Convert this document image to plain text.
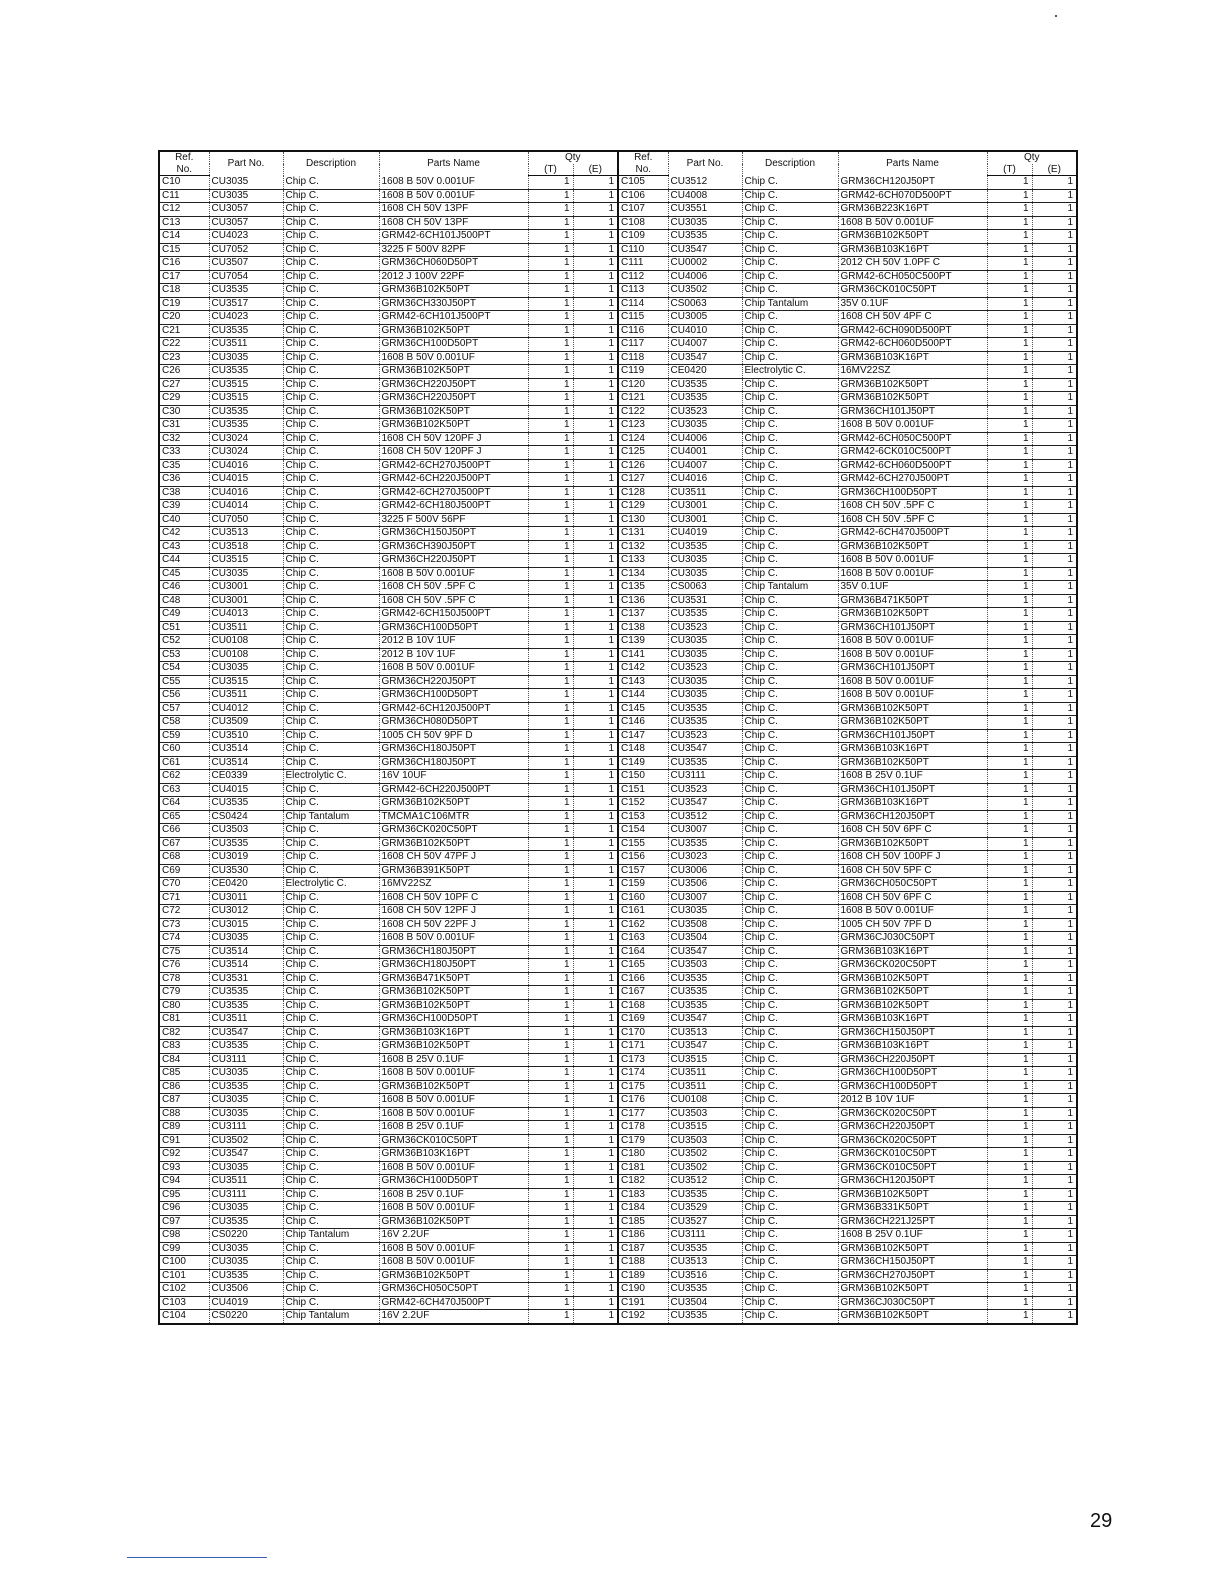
Ref.	Part No.	Description	Parts Name	Qty	
No.				(T)	(E)
C10	CU3035	Chip C.	1608 B 50V 0.001UF	1	1
C11	CU3035	Chip C.	1608 B 50V 0.001UF	1	1
C12	CU3057	Chip C.	1608 CH 50V 13PF	1	1
C13	CU3057	Chip C.	1608 CH 50V 13PF	1	1
C14	CU4023	Chip C.	GRM42-6CH101J500PT	1	1
C15	CU7052	Chip C.	3225 F 500V 82PF	1	1
C16	CU3507	Chip C.	GRM36CH060D50PT	1	1
C17	CU7054	Chip C.	2012 J 100V 22PF	1	1
C18	CU3535	Chip C.	GRM36B102K50PT	1	1
C19	CU3517	Chip C.	GRM36CH330J50PT	1	1
C20	CU4023	Chip C.	GRM42-6CH101J500PT	1	1
C21	CU3535	Chip C.	GRM36B102K50PT	1	1
C22	CU3511	Chip C.	GRM36CH100D50PT	1	1
C23	CU3035	Chip C.	1608 B 50V 0.001UF	1	1
C26	CU3535	Chip C.	GRM36B102K50PT	1	1
C27	CU3515	Chip C.	GRM36CH220J50PT	1	1
C29	CU3515	Chip C.	GRM36CH220J50PT	1	1
C30	CU3535	Chip C.	GRM36B102K50PT	1	1
C31	CU3535	Chip C.	GRM36B102K50PT	1	1
C32	CU3024	Chip C.	1608 CH 50V 120PF J	1	1
C33	CU3024	Chip C.	1608 CH 50V 120PF J	1	1
C35	CU4016	Chip C.	GRM42-6CH270J500PT	1	1
C36	CU4015	Chip C.	GRM42-6CH220J500PT	1	1
C38	CU4016	Chip C.	GRM42-6CH270J500PT	1	1
C39	CU4014	Chip C.	GRM42-6CH180J500PT	1	1
C40	CU7050	Chip C.	3225 F 500V 56PF	1	1
C42	CU3513	Chip C.	GRM36CH150J50PT	1	1
C43	CU3518	Chip C.	GRM36CH390J50PT	1	1
C44	CU3515	Chip C.	GRM36CH220J50PT	1	1
C45	CU3035	Chip C.	1608 B 50V 0.001UF	1	1
C46	CU3001	Chip C.	1608 CH 50V .5PF C	1	1
C48	CU3001	Chip C.	1608 CH 50V .5PF C	1	1
C49	CU4013	Chip C.	GRM42-6CH150J500PT	1	1
C51	CU3511	Chip C.	GRM36CH100D50PT	1	1
C52	CU0108	Chip C.	2012 B 10V 1UF	1	1
C53	CU0108	Chip C.	2012 B 10V 1UF	1	1
C54	CU3035	Chip C.	1608 B 50V 0.001UF	1	1
C55	CU3515	Chip C.	GRM36CH220J50PT	1	1
C56	CU3511	Chip C.	GRM36CH100D50PT	1	1
C57	CU4012	Chip C.	GRM42-6CH120J500PT	1	1
C58	CU3509	Chip C.	GRM36CH080D50PT	1	1
C59	CU3510	Chip C.	1005 CH 50V 9PF D	1	1
C60	CU3514	Chip C.	GRM36CH180J50PT	1	1
C61	CU3514	Chip C.	GRM36CH180J50PT	1	1
C62	CE0339	Electrolytic C.	16V 10UF	1	1
C63	CU4015	Chip C.	GRM42-6CH220J500PT	1	1
C64	CU3535	Chip C.	GRM36B102K50PT	1	1
C65	CS0424	Chip Tantalum	TMCMA1C106MTR	1	1
C66	CU3503	Chip C.	GRM36CK020C50PT	1	1
C67	CU3535	Chip C.	GRM36B102K50PT	1	1
C68	CU3019	Chip C.	1608 CH 50V 47PF J	1	1
C69	CU3530	Chip C.	GRM36B391K50PT	1	1
C70	CE0420	Electrolytic C.	16MV22SZ	1	1
C71	CU3011	Chip C.	1608 CH 50V 10PF C	1	1
C72	CU3012	Chip C.	1608 CH 50V 12PF J	1	1
C73	CU3015	Chip C.	1608 CH 50V 22PF J	1	1
C74	CU3035	Chip C.	1608 B 50V 0.001UF	1	1
C75	CU3514	Chip C.	GRM36CH180J50PT	1	1
C76	CU3514	Chip C.	GRM36CH180J50PT	1	1
C78	CU3531	Chip C.	GRM36B471K50PT	1	1
C79	CU3535	Chip C.	GRM36B102K50PT	1	1
C80	CU3535	Chip C.	GRM36B102K50PT	1	1
C81	CU3511	Chip C.	GRM36CH100D50PT	1	1
C82	CU3547	Chip C.	GRM36B103K16PT	1	1
C83	CU3535	Chip C.	GRM36B102K50PT	1	1
C84	CU3111	Chip C.	1608 B 25V 0.1UF	1	1
C85	CU3035	Chip C.	1608 B 50V 0.001UF	1	1
C86	CU3535	Chip C.	GRM36B102K50PT	1	1
C87	CU3035	Chip C.	1608 B 50V 0.001UF	1	1
C88	CU3035	Chip C.	1608 B 50V 0.001UF	1	1
C89	CU3111	Chip C.	1608 B 25V 0.1UF	1	1
C91	CU3502	Chip C.	GRM36CK010C50PT	1	1
C92	CU3547	Chip C.	GRM36B103K16PT	1	1
C93	CU3035	Chip C.	1608 B 50V 0.001UF	1	1
C94	CU3511	Chip C.	GRM36CH100D50PT	1	1
C95	CU3111	Chip C.	1608 B 25V 0.1UF	1	1
C96	CU3035	Chip C.	1608 B 50V 0.001UF	1	1
C97	CU3535	Chip C.	GRM36B102K50PT	1	1
C98	CS0220	Chip Tantalum	16V 2.2UF	1	1
C99	CU3035	Chip C.	1608 B 50V 0.001UF	1	1
C100	CU3035	Chip C.	1608 B 50V 0.001UF	1	1
C101	CU3535	Chip C.	GRM36B102K50PT	1	1
C102	CU3506	Chip C.	GRM36CH050C50PT	1	1
C103	CU4019	Chip C.	GRM42-6CH470J500PT	1	1
C104	CS0220	Chip Tantalum	16V 2.2UF	1	1
Ref.	Part No.	Description	Parts Name	Qty	
No.				(T)	(E)
C105	CU3512	Chip C.	GRM36CH120J50PT	1	1
C106	CU4008	Chip C.	GRM42-6CH070D500PT	1	1
C107	CU3551	Chip C.	GRM36B223K16PT	1	1
C108	CU3035	Chip C.	1608 B 50V 0.001UF	1	1
C109	CU3535	Chip C.	GRM36B102K50PT	1	1
C110	CU3547	Chip C.	GRM36B103K16PT	1	1
C111	CU0002	Chip C.	2012 CH 50V 1.0PF C	1	1
C112	CU4006	Chip C.	GRM42-6CH050C500PT	1	1
C113	CU3502	Chip C.	GRM36CK010C50PT	1	1
C114	CS0063	Chip Tantalum	35V 0.1UF	1	1
C115	CU3005	Chip C.	1608 CH 50V 4PF C	1	1
C116	CU4010	Chip C.	GRM42-6CH090D500PT	1	1
C117	CU4007	Chip C.	GRM42-6CH060D500PT	1	1
C118	CU3547	Chip C.	GRM36B103K16PT	1	1
C119	CE0420	Electrolytic C.	16MV22SZ	1	1
C120	CU3535	Chip C.	GRM36B102K50PT	1	1
C121	CU3535	Chip C.	GRM36B102K50PT	1	1
C122	CU3523	Chip C.	GRM36CH101J50PT	1	1
C123	CU3035	Chip C.	1608 B 50V 0.001UF	1	1
C124	CU4006	Chip C.	GRM42-6CH050C500PT	1	1
C125	CU4001	Chip C.	GRM42-6CK010C500PT	1	1
C126	CU4007	Chip C.	GRM42-6CH060D500PT	1	1
C127	CU4016	Chip C.	GRM42-6CH270J500PT	1	1
C128	CU3511	Chip C.	GRM36CH100D50PT	1	1
C129	CU3001	Chip C.	1608 CH 50V .5PF C	1	1
C130	CU3001	Chip C.	1608 CH 50V .5PF C	1	1
C131	CU4019	Chip C.	GRM42-6CH470J500PT	1	1
C132	CU3535	Chip C.	GRM36B102K50PT	1	1
C133	CU3035	Chip C.	1608 B 50V 0.001UF	1	1
C134	CU3035	Chip C.	1608 B 50V 0.001UF	1	1
C135	CS0063	Chip Tantalum	35V 0.1UF	1	1
C136	CU3531	Chip C.	GRM36B471K50PT	1	1
C137	CU3535	Chip C.	GRM36B102K50PT	1	1
C138	CU3523	Chip C.	GRM36CH101J50PT	1	1
C139	CU3035	Chip C.	1608 B 50V 0.001UF	1	1
C141	CU3035	Chip C.	1608 B 50V 0.001UF	1	1
C142	CU3523	Chip C.	GRM36CH101J50PT	1	1
C143	CU3035	Chip C.	1608 B 50V 0.001UF	1	1
C144	CU3035	Chip C.	1608 B 50V 0.001UF	1	1
C145	CU3535	Chip C.	GRM36B102K50PT	1	1
C146	CU3535	Chip C.	GRM36B102K50PT	1	1
C147	CU3523	Chip C.	GRM36CH101J50PT	1	1
C148	CU3547	Chip C.	GRM36B103K16PT	1	1
C149	CU3535	Chip C.	GRM36B102K50PT	1	1
C150	CU3111	Chip C.	1608 B 25V 0.1UF	1	1
C151	CU3523	Chip C.	GRM36CH101J50PT	1	1
C152	CU3547	Chip C.	GRM36B103K16PT	1	1
C153	CU3512	Chip C.	GRM36CH120J50PT	1	1
C154	CU3007	Chip C.	1608 CH 50V 6PF C	1	1
C155	CU3535	Chip C.	GRM36B102K50PT	1	1
C156	CU3023	Chip C.	1608 CH 50V 100PF J	1	1
C157	CU3006	Chip C.	1608 CH 50V 5PF C	1	1
C159	CU3506	Chip C.	GRM36CH050C50PT	1	1
C160	CU3007	Chip C.	1608 CH 50V 6PF C	1	1
C161	CU3035	Chip C.	1608 B 50V 0.001UF	1	1
C162	CU3508	Chip C.	1005 CH 50V 7PF D	1	1
C163	CU3504	Chip C.	GRM36CJ030C50PT	1	1
C164	CU3547	Chip C.	GRM36B103K16PT	1	1
C165	CU3503	Chip C.	GRM36CK020C50PT	1	1
C166	CU3535	Chip C.	GRM36B102K50PT	1	1
C167	CU3535	Chip C.	GRM36B102K50PT	1	1
C168	CU3535	Chip C.	GRM36B102K50PT	1	1
C169	CU3547	Chip C.	GRM36B103K16PT	1	1
C170	CU3513	Chip C.	GRM36CH150J50PT	1	1
C171	CU3547	Chip C.	GRM36B103K16PT	1	1
C173	CU3515	Chip C.	GRM36CH220J50PT	1	1
C174	CU3511	Chip C.	GRM36CH100D50PT	1	1
C175	CU3511	Chip C.	GRM36CH100D50PT	1	1
C176	CU0108	Chip C.	2012 B 10V 1UF	1	1
C177	CU3503	Chip C.	GRM36CK020C50PT	1	1
C178	CU3515	Chip C.	GRM36CH220J50PT	1	1
C179	CU3503	Chip C.	GRM36CK020C50PT	1	1
C180	CU3502	Chip C.	GRM36CK010C50PT	1	1
C181	CU3502	Chip C.	GRM36CK010C50PT	1	1
C182	CU3512	Chip C.	GRM36CH120J50PT	1	1
C183	CU3535	Chip C.	GRM36B102K50PT	1	1
C184	CU3529	Chip C.	GRM36B331K50PT	1	1
C185	CU3527	Chip C.	GRM36CH221J25PT	1	1
C186	CU3111	Chip C.	1608 B 25V 0.1UF	1	1
C187	CU3535	Chip C.	GRM36B102K50PT	1	1
C188	CU3513	Chip C.	GRM36CH150J50PT	1	1
C189	CU3516	Chip C.	GRM36CH270J50PT	1	1
C190	CU3535	Chip C.	GRM36B102K50PT	1	1
C191	CU3504	Chip C.	GRM36CJ030C50PT	1	1
C192	CU3535	Chip C.	GRM36B102K50PT	1	1
29
